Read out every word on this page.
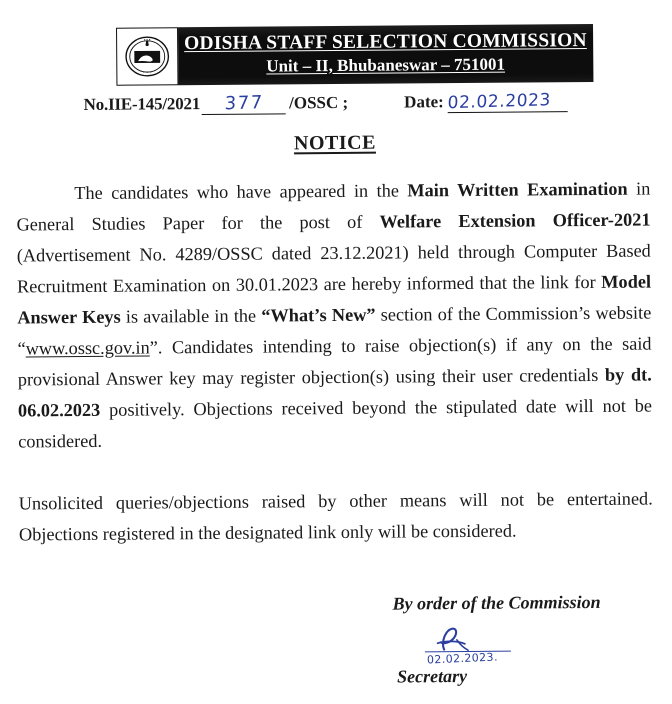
•••
• • •
ODISHA STAFF SELECTION COMMISSION
Unit – II, Bhubaneswar – 751001
No.IIE-145/2021	377	/OSSC ;	Date: 02.02.2023
NOTICE

The candidates who have appeared in the Main Written Examination in General Studies Paper for the post of Welfare Extension Officer-2021 (Advertisement No. 4289/OSSC dated 23.12.2021) held through Computer Based Recruitment Examination on 30.01.2023 are hereby informed that the link for Model Answer Keys is available in the “What’s New” section of the Commission’s website “www.ossc.gov.in”. Candidates intending to raise objection(s) if any on the said provisional Answer key may register objection(s) using their user credentials by dt. 06.02.2023 positively. Objections received beyond the stipulated date will not be considered.

Unsolicited queries/objections raised by other means will not be entertained. Objections registered in the designated link only will be considered.

By order of the Commission
02.02.2023.
Secretary
